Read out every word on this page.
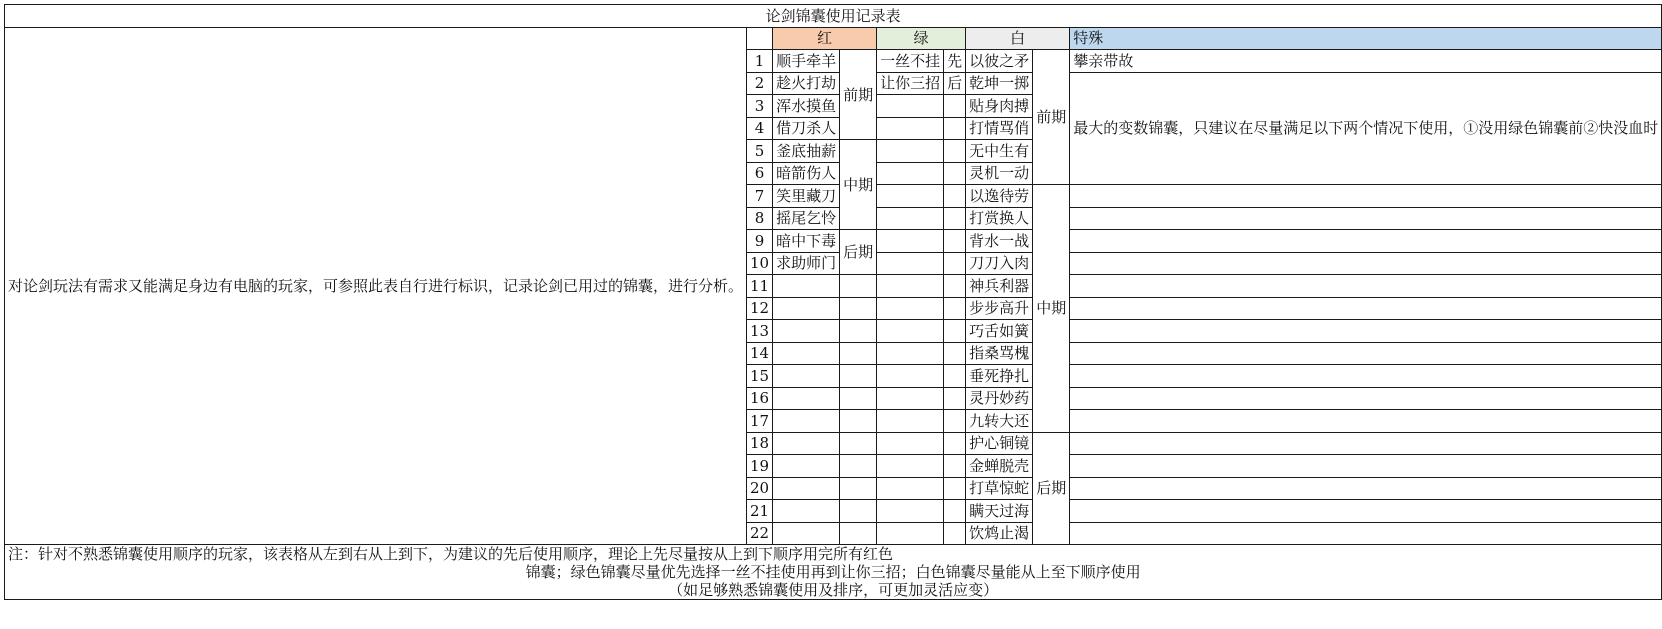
论剑锦囊使用记录表								
对论剑玩法有需求又能满足身边有电脑的玩家，可参照此表自行进行标识，记录论剑已用过的锦囊，进行分析。		红		绿		白		特殊
	1	顺手牵羊	前期	一丝不挂	先	以彼之矛	前期	攀亲带故
	2	趁火打劫		让你三招	后	乾坤一掷		最大的变数锦囊，只建议在尽量满足以下两个情况下使用，①没用绿色锦囊前②快没血时
	3	浑水摸鱼				贴身肉搏		
	4	借刀杀人				打情骂俏		
	5	釜底抽薪	中期			无中生有		
	6	暗箭伤人				灵机一动		
	7	笑里藏刀				以逸待劳	中期	
	8	摇尾乞怜				打赏换人		
	9	暗中下毒	后期			背水一战		
	10	求助师门				刀刀入肉		
	11					神兵利器		
	12					步步高升		
	13					巧舌如簧		
	14					指桑骂槐		
	15					垂死挣扎		
	16					灵丹妙药		
	17					九转大还		
	18					护心铜镜	后期	
	19					金蝉脱壳		
	20					打草惊蛇		
	21					瞒天过海		
	22					饮鸩止渴		

注：针对不熟悉锦囊使用顺序的玩家，该表格从左到右从上到下，为建议的先后使用顺序，理论上先尽量按从上到下顺序用完所有红色
锦囊；绿色锦囊尽量优先选择一丝不挂使用再到让你三招；白色锦囊尽量能从上至下顺序使用
（如足够熟悉锦囊使用及排序，可更加灵活应变）								
